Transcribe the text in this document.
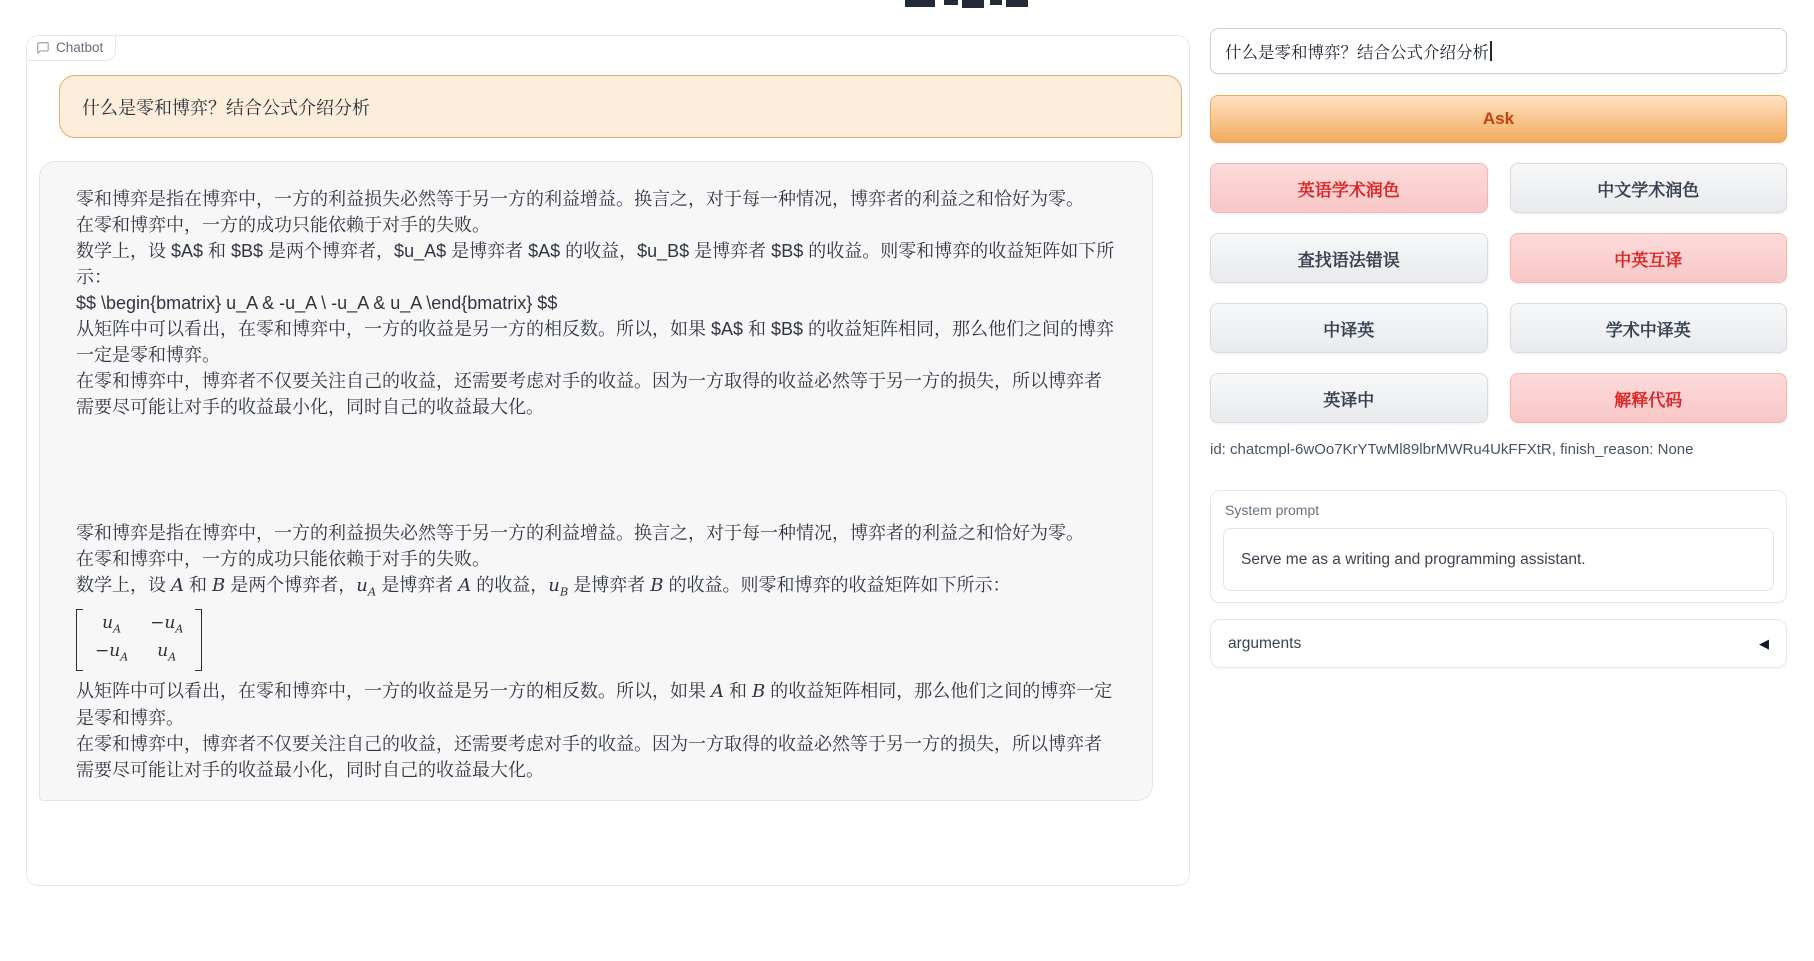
Chatbot
什么是零和博弈？结合公式介绍分析

零和博弈是指在博弈中，一方的利益损失必然等于另一方的利益增益。换言之，对于每一种情况，博弈者的利益之和恰好为零。

在零和博弈中，一方的成功只能依赖于对手的失败。

数学上，设 $A$ 和 $B$ 是两个博弈者，$u_A$ 是博弈者 $A$ 的收益，$u_B$ 是博弈者 $B$ 的收益。则零和博弈的收益矩阵如下所示：

$$ \begin{bmatrix} u_A & -u_A \ -u_A & u_A \end{bmatrix} $$

从矩阵中可以看出，在零和博弈中，一方的收益是另一方的相反数。所以，如果 $A$ 和 $B$ 的收益矩阵相同，那么他们之间的博弈一定是零和博弈。

在零和博弈中，博弈者不仅要关注自己的收益，还需要考虑对手的收益。因为一方取得的收益必然等于另一方的损失，所以博弈者需要尽可能让对手的收益最小化，同时自己的收益最大化。

零和博弈是指在博弈中，一方的利益损失必然等于另一方的利益增益。换言之，对于每一种情况，博弈者的利益之和恰好为零。

在零和博弈中，一方的成功只能依赖于对手的失败。

数学上，设 A 和 B 是两个博弈者，$u_A$ 是博弈者 A 的收益，$u_B$ 是博弈者 B 的收益。则零和博弈的收益矩阵如下所示：

$u_A -u_A$
$-u_A$ $u_A$

从矩阵中可以看出，在零和博弈中，一方的收益是另一方的相反数。所以，如果 A 和 B 的收益矩阵相同，那么他们之间的博弈一定是零和博弈。

在零和博弈中，博弈者不仅要关注自己的收益，还需要考虑对手的收益。因为一方取得的收益必然等于另一方的损失，所以博弈者需要尽可能让对手的收益最小化，同时自己的收益最大化。

什么是零和博弈？结合公式介绍分析
Ask
英语学术润色	中文学术润色
查找语法错误	中英互译
中译英	学术中译英
英译中	解释代码
id: chatcmpl-6wOo7KrYTwMl89lbrMWRu4UkFFXtR, finish_reason: None
System prompt
Serve me as a writing and programming assistant.
arguments	◀
